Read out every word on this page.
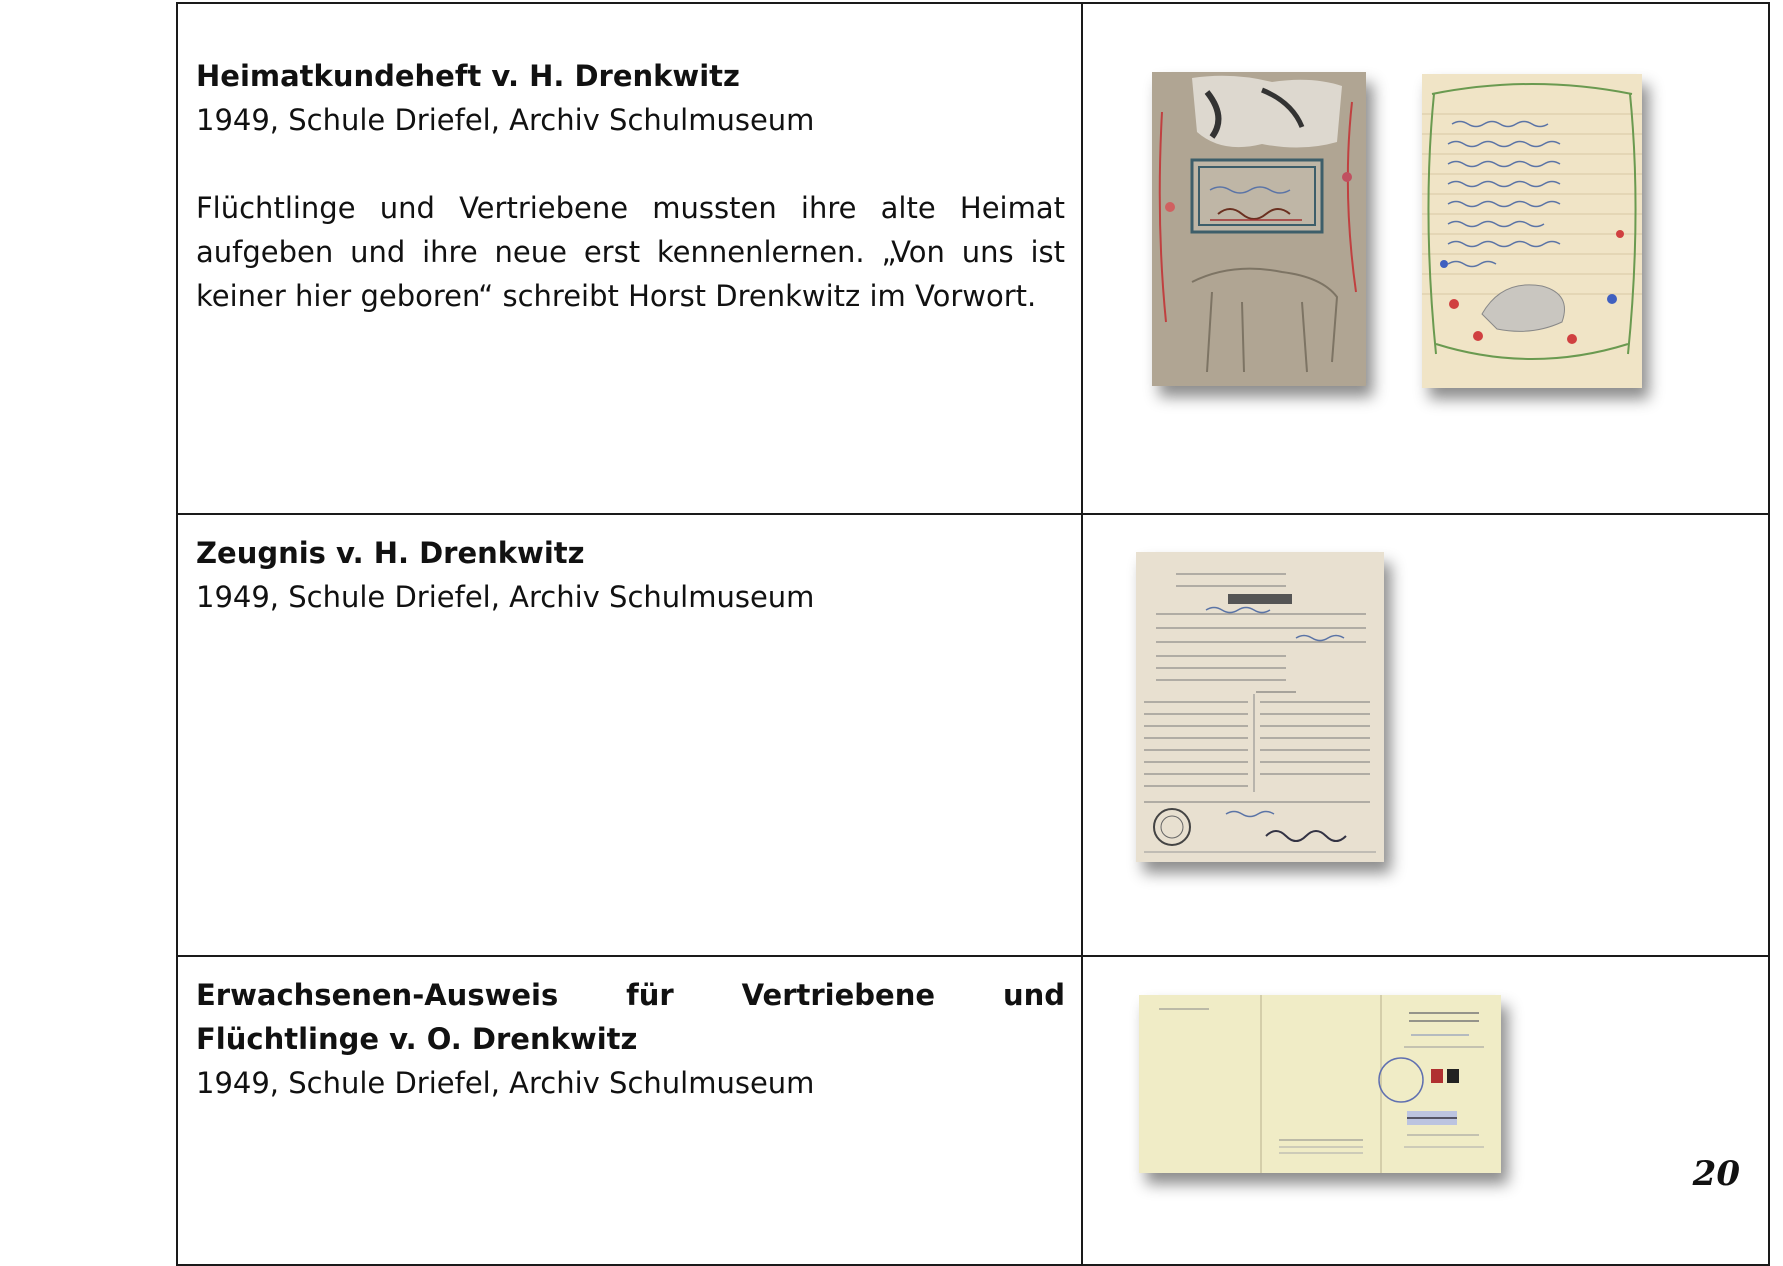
Heimatkundeheft v. H. Drenkwitz
1949, Schule Driefel, Archiv Schulmuseum
Flüchtlinge und Vertriebene mussten ihre alte Heimat aufgeben und ihre neue erst kennenlernen. „Von uns ist keiner hier geboren“ schreibt Horst Drenkwitz im Vorwort.

Zeugnis v. H. Drenkwitz
1949, Schule Driefel, Archiv Schulmuseum

Erwachsenen-Ausweis für Vertriebene und Flüchtlinge v. O. Drenkwitz
1949, Schule Driefel, Archiv Schulmuseum	20
